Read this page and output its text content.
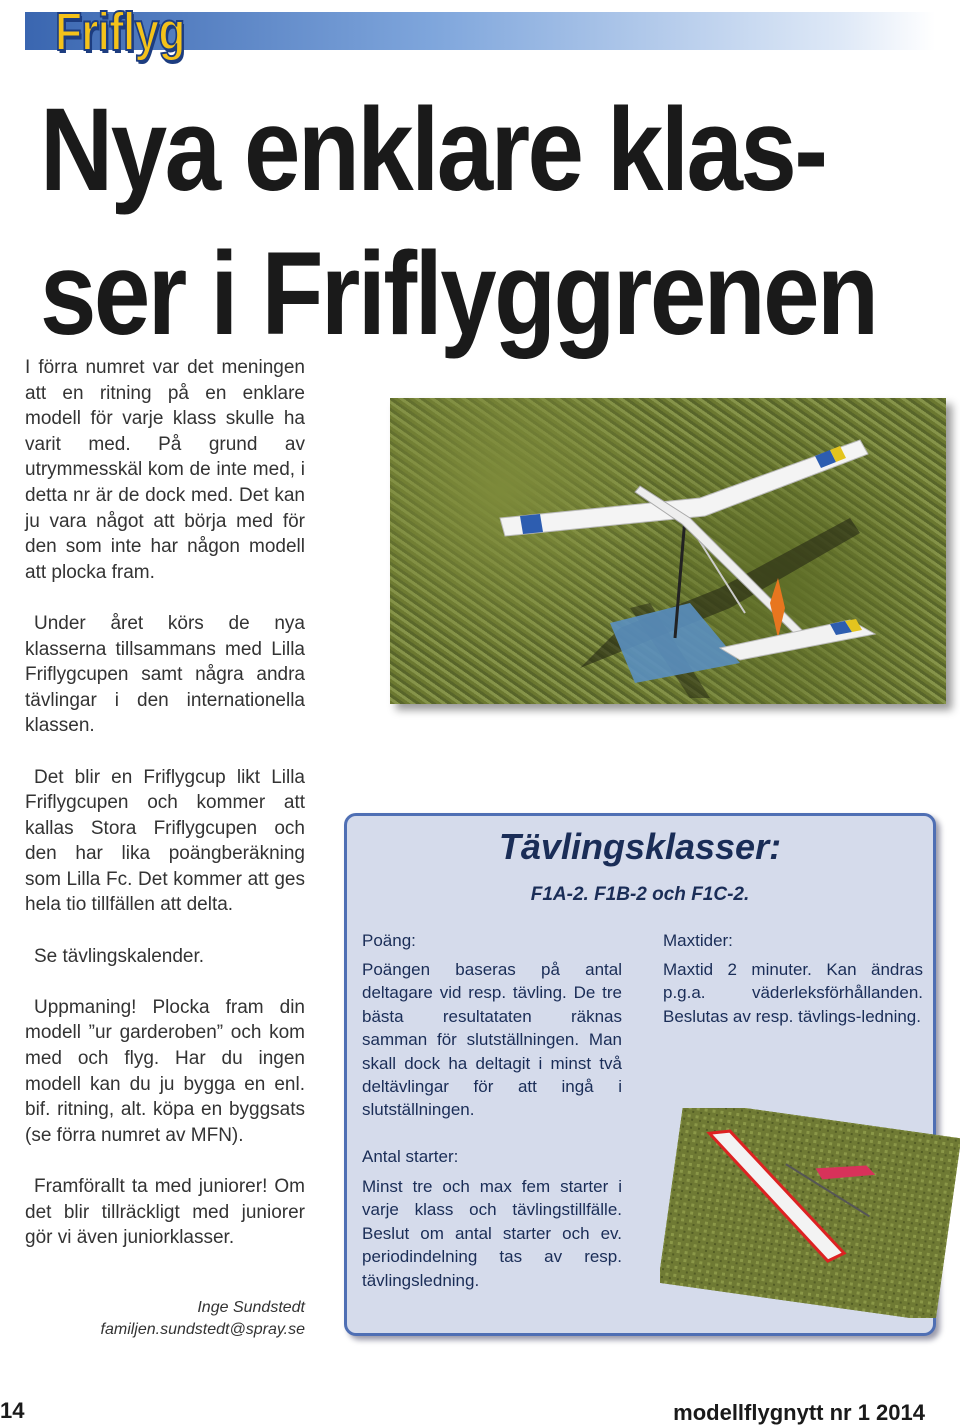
Friflyg
Nya enklare klas-
ser i Friflyggrenen

I förra numret var det meningen att en ritning på en enklare modell för varje klass skulle ha varit med. På grund av utrymmesskäl kom de inte med, i detta nr är de dock med. Det kan ju vara något att börja med för den som inte har någon modell att plocka fram.

Under året körs de nya klasserna tillsammans med Lilla Friflygcupen samt några andra tävlingar i den internationella klassen.

Det blir en Friflygcup likt Lilla Friflygcupen och kommer att kallas Stora Friflygcupen och den har lika poängberäkning som Lilla Fc. Det kommer att ges hela tio tillfällen att delta.

Se tävlingskalender.

Uppmaning! Plocka fram din modell ”ur garderoben” och kom med och flyg. Har du ingen modell kan du ju bygga en enl. bif. ritning, alt. köpa en byggsats (se förra numret av MFN).

Framförallt ta med juniorer! Om det blir tillräckligt med juniorer gör vi även juniorklasser.

Inge Sundstedt
familjen.sundstedt@spray.se
Tävlingsklasser:
F1A-2. F1B-2 och F1C-2.
Poäng:
Poängen baseras på antal deltagare vid resp. tävling. De tre bästa resultataten räknas samman för slutställningen. Man skall dock ha deltagit i minst två deltävlingar för att ingå i slutställningen.
Maxtider:
Maxtid 2 minuter. Kan ändras p.g.a. väderleksförhållanden. Beslutas av resp. tävlings-ledning.
Antal starter:
Minst tre och max fem starter i varje klass och tävlingstillfälle. Beslut om antal starter och ev. periodindelning tas av resp. tävlingsledning.
14	modellflygnytt nr 1 2014
